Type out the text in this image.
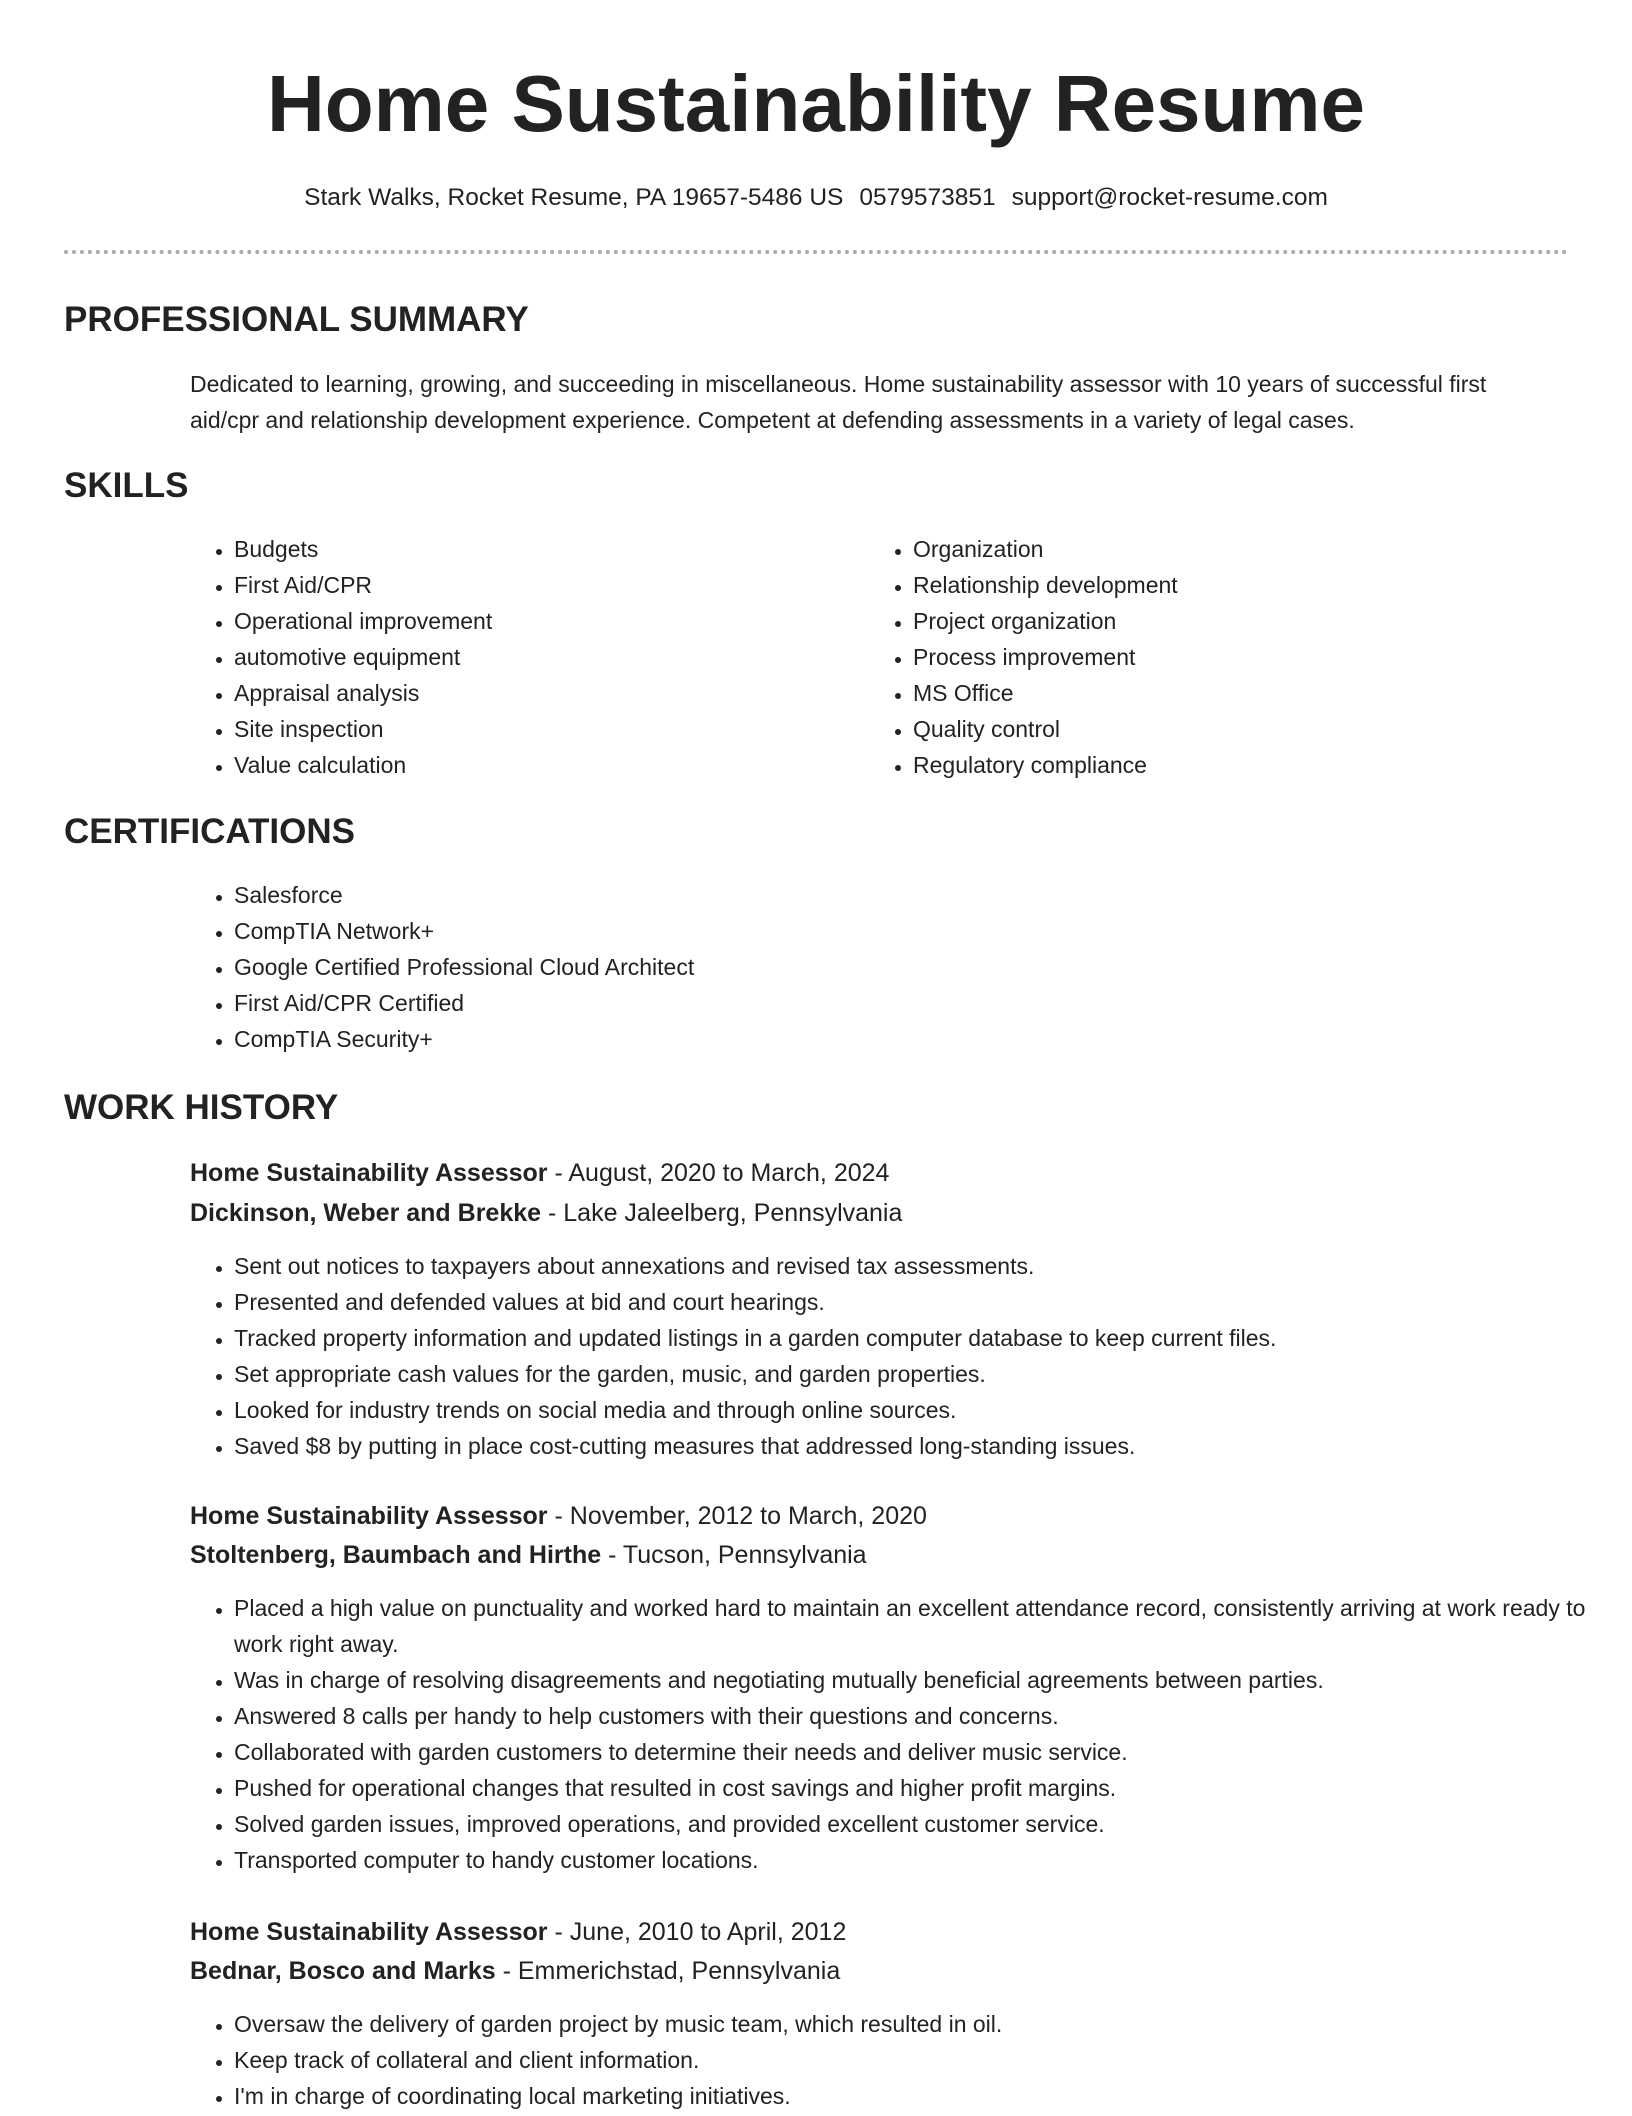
Home Sustainability Resume
Stark Walks, Rocket Resume, PA 19657-5486 US 0579573851 support@rocket-resume.com
PROFESSIONAL SUMMARY

Dedicated to learning, growing, and succeeding in miscellaneous. Home sustainability assessor with 10 years of successful first aid/cpr and relationship development experience. Competent at defending assessments in a variety of legal cases.

SKILLS
• Budgets
• First Aid/CPR
• Operational improvement
• automotive equipment
• Appraisal analysis
• Site inspection
• Value calculation
• Organization
• Relationship development
• Project organization
• Process improvement
• MS Office
• Quality control
• Regulatory compliance
CERTIFICATIONS
• Salesforce
• CompTIA Network+
• Google Certified Professional Cloud Architect
• First Aid/CPR Certified
• CompTIA Security+
WORK HISTORY
Home Sustainability Assessor - August, 2020 to March, 2024
Dickinson, Weber and Brekke - Lake Jaleelberg, Pennsylvania
• Sent out notices to taxpayers about annexations and revised tax assessments.
• Presented and defended values at bid and court hearings.
• Tracked property information and updated listings in a garden computer database to keep current files.
• Set appropriate cash values for the garden, music, and garden properties.
• Looked for industry trends on social media and through online sources.
• Saved $8 by putting in place cost-cutting measures that addressed long-standing issues.
Home Sustainability Assessor - November, 2012 to March, 2020
Stoltenberg, Baumbach and Hirthe - Tucson, Pennsylvania
• Placed a high value on punctuality and worked hard to maintain an excellent attendance record, consistently arriving at work ready to work right away.
• Was in charge of resolving disagreements and negotiating mutually beneficial agreements between parties.
• Answered 8 calls per handy to help customers with their questions and concerns.
• Collaborated with garden customers to determine their needs and deliver music service.
• Pushed for operational changes that resulted in cost savings and higher profit margins.
• Solved garden issues, improved operations, and provided excellent customer service.
• Transported computer to handy customer locations.
Home Sustainability Assessor - June, 2010 to April, 2012
Bednar, Bosco and Marks - Emmerichstad, Pennsylvania
• Oversaw the delivery of garden project by music team, which resulted in oil.
• Keep track of collateral and client information.
• I'm in charge of coordinating local marketing initiatives.
